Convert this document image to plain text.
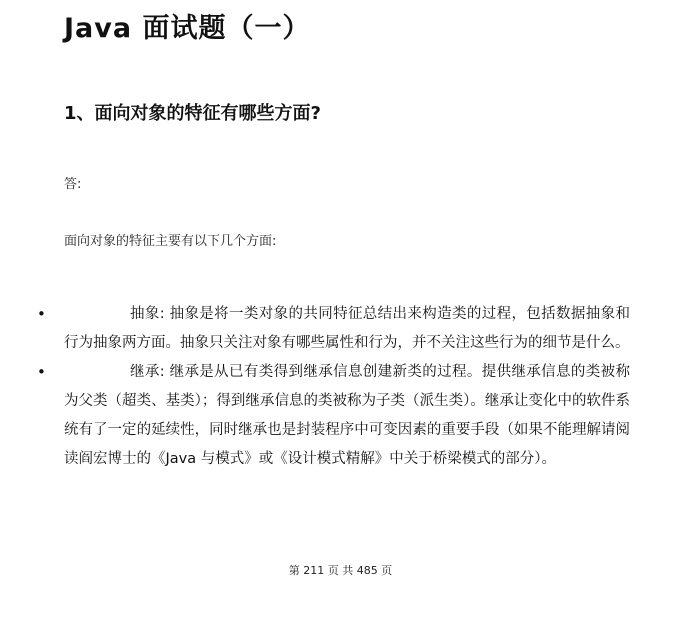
Java 面试题（一）
1、面向对象的特征有哪些方面?
答:
面向对象的特征主要有以下几个方面:
•	抽象: 抽象是将一类对象的共同特征总结出来构造类的过程，包括数据抽象和行为抽象两方面。抽象只关注对象有哪些属性和行为，并不关注这些行为的细节是什么。
•	继承: 继承是从已有类得到继承信息创建新类的过程。提供继承信息的类被称为父类（超类、基类）；得到继承信息的类被称为子类（派生类）。继承让变化中的软件系统有了一定的延续性，同时继承也是封装程序中可变因素的重要手段（如果不能理解请阅读阎宏博士的《Java 与模式》或《设计模式精解》中关于桥梁模式的部分）。
第 211 页 共 485 页
